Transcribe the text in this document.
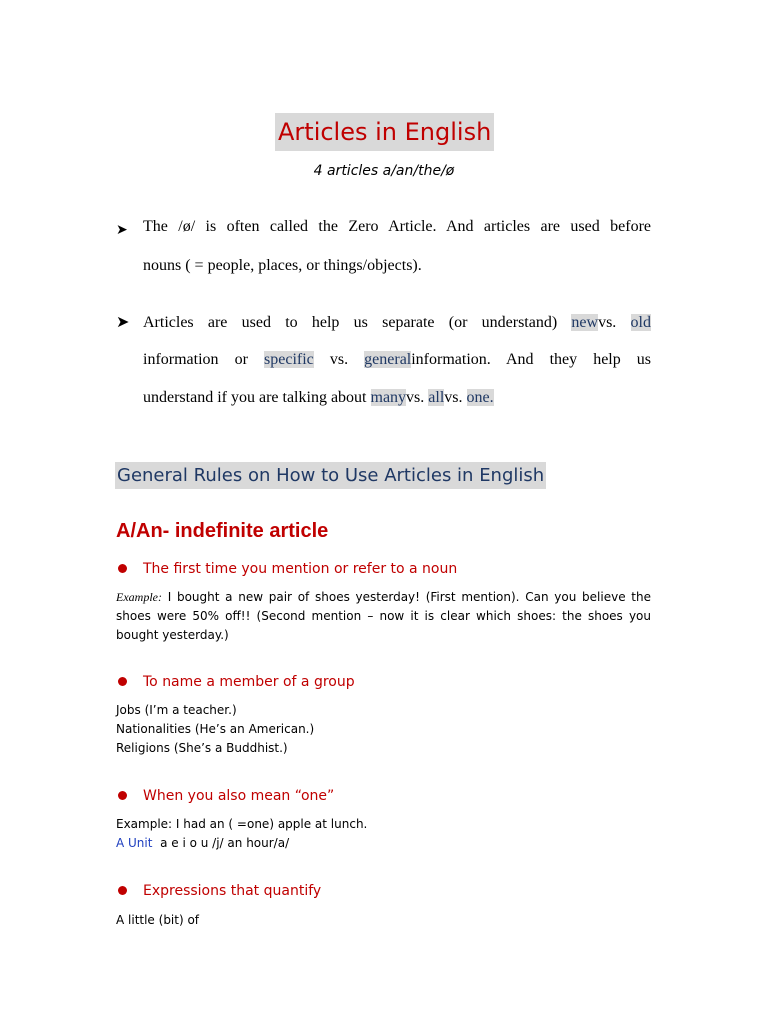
Articles in English
4 articles a/an/the/ø
➤ The /ø/ is often called the Zero Article. And articles are used before
nouns ( = people, places, or things/objects).
➤ Articles are used to help us separate (or understand) newvs. old
information or specific vs. generalinformation. And they help us
understand if you are talking about manyvs. allvs. one.
General Rules on How to Use Articles in English
A/An- indefinite article
The first time you mention or refer to a noun
Example: I bought a new pair of shoes yesterday! (First mention). Can you believe the
shoes were 50% off!! (Second mention – now it is clear which shoes: the shoes you
bought yesterday.)
To name a member of a group
Jobs (I’m a teacher.)
Nationalities (He’s an American.)
Religions (She’s a Buddhist.)
When you also mean “one”
Example: I had an ( =one) apple at lunch.
A Unit a e i o u /j/ an hour/a/
Expressions that quantify
A little (bit) of
